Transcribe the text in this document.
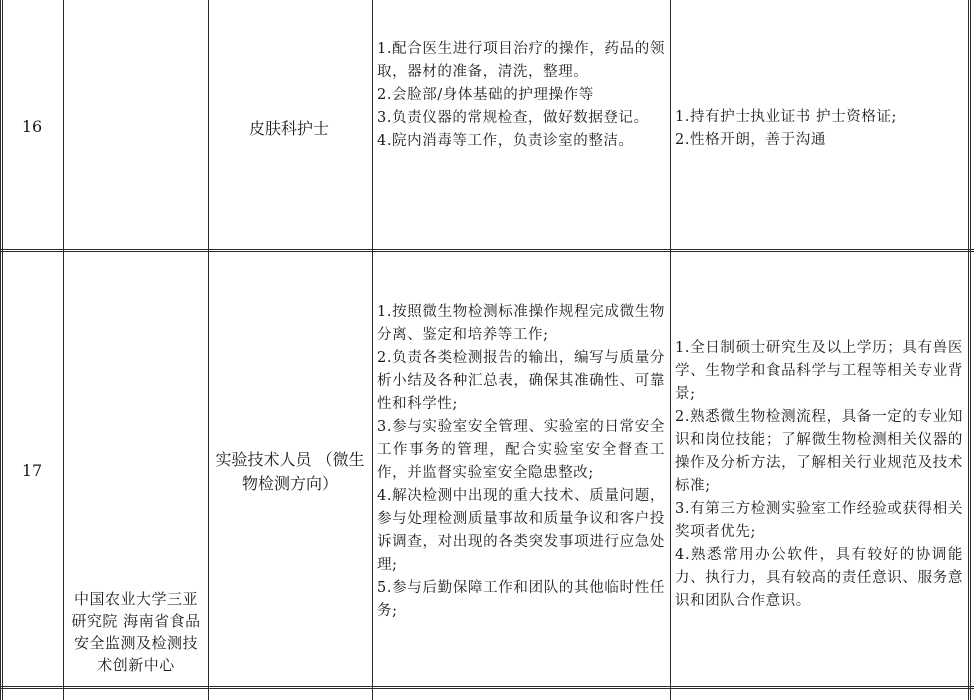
16	皮肤科护士
1.配合医生进行项目治疗的操作，药品的领取，器材的准备，清洗，整理。
2.会脸部/身体基础的护理操作等
3.负责仪器的常规检查，做好数据登记。
4.院内消毒等工作，负责诊室的整洁。
1.持有护士执业证书 护士资格证;
2.性格开朗，善于沟通
17
中国农业大学三亚研究院 海南省食品安全监测及检测技术创新中心
实验技术人员 （微生物检测方向）
1.按照微生物检测标准操作规程完成微生物分离、鉴定和培养等工作;
2.负责各类检测报告的输出，编写与质量分析小结及各种汇总表，确保其准确性、可靠性和科学性;
3.参与实验室安全管理、实验室的日常安全工作事务的管理，配合实验室安全督查工作，并监督实验室安全隐患整改;
4.解决检测中出现的重大技术、质量问题，参与处理检测质量事故和质量争议和客户投诉调查，对出现的各类突发事项进行应急处理;
5.参与后勤保障工作和团队的其他临时性任务;
1.全日制硕士研究生及以上学历；具有兽医学、生物学和食品科学与工程等相关专业背景;
2.熟悉微生物检测流程，具备一定的专业知识和岗位技能；了解微生物检测相关仪器的操作及分析方法，了解相关行业规范及技术标准;
3.有第三方检测实验室工作经验或获得相关奖项者优先;
4.熟悉常用办公软件，具有较好的协调能力、执行力，具有较高的责任意识、服务意识和团队合作意识。
